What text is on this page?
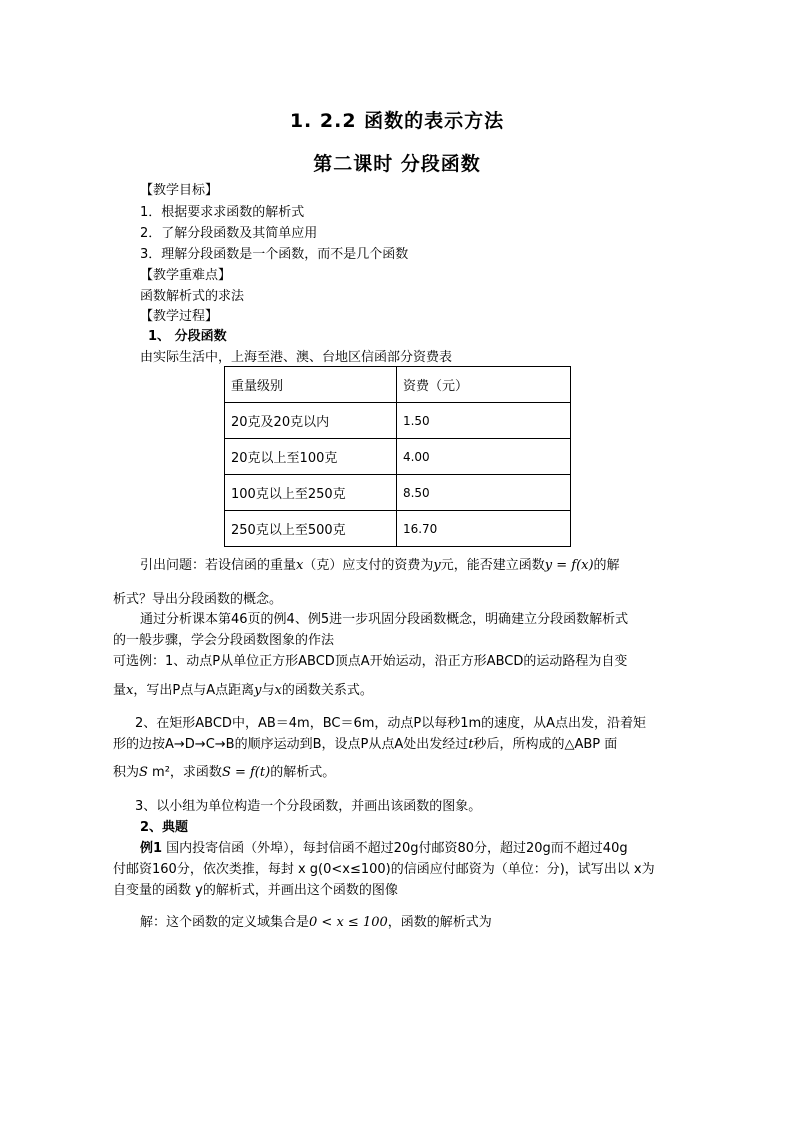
1. 2.2 函数的表示方法
第二课时 分段函数
【教学目标】
1．根据要求求函数的解析式
2．了解分段函数及其简单应用
3．理解分段函数是一个函数，而不是几个函数
【教学重难点】
函数解析式的求法
【教学过程】
1、 分段函数
由实际生活中，上海至港、澳、台地区信函部分资费表
重量级别	资费（元）
20克及20克以内	1.50
20克以上至100克	4.00
100克以上至250克	8.50
250克以上至500克	16.70
引出问题：若设信函的重量x（克）应支付的资费为y元，能否建立函数y = f(x)的解
析式？导出分段函数的概念。
通过分析课本第46页的例4、例5进一步巩固分段函数概念，明确建立分段函数解析式
的一般步骤，学会分段函数图象的作法
可选例：1、动点P从单位正方形ABCD顶点A开始运动，沿正方形ABCD的运动路程为自变
量x，写出P点与A点距离y与x的函数关系式。
2、在矩形ABCD中，AB＝4m，BC＝6m，动点P以每秒1m的速度，从A点出发，沿着矩
形的边按A→D→C→B的顺序运动到B，设点P从点A处出发经过t秒后，所构成的△ABP 面
积为S m²，求函数S = f(t)的解析式。
3、以小组为单位构造一个分段函数，并画出该函数的图象。
2、典题
例1 国内投寄信函（外埠），每封信函不超过20g付邮资80分，超过20g而不超过40g
付邮资160分，依次类推，每封 x g(0<x≤100)的信函应付邮资为（单位：分)，试写出以 x为
自变量的函数 y的解析式，并画出这个函数的图像
解：这个函数的定义域集合是0 < x ≤ 100，函数的解析式为
